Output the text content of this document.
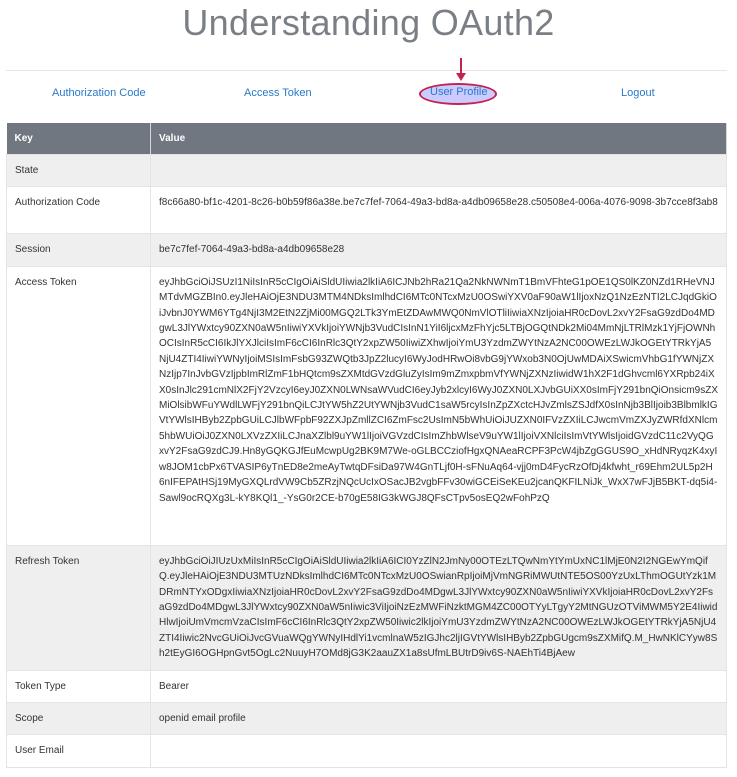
Understanding OAuth2
Authorization Code	Access Token	Logout
User Profile
Key	Value
State	
Authorization Code	f8c66a80-bf1c-4201-8c26-b0b59f86a38e.be7c7fef-7064-49a3-bd8a-a4db09658e28.c50508e4-006a-4076-9098-3b7cce8f3ab8
Session	be7c7fef-7064-49a3-bd8a-a4db09658e28
Access Token	eyJhbGciOiJSUzI1NiIsInR5cCIgOiAiSldUIiwia2lkIiA6ICJNb2hRa21Qa2NkNWNmT1BmVFhteG1pOE1QS0lKZ0NZd1RHeVNJMTdvMGZBIn0.eyJleHAiOjE3NDU3MTM4NDksImlhdCI6MTc0NTcxMzU0OSwiYXV0aF90aW1lIjoxNzQ1NzEzNTI2LCJqdGkiOiJvbnJ0YWM6YTg4NjI3M2EtN2ZjMi00MGQ2LTk3YmEtZDAwMWQ0NmVlOTliIiwiaXNzIjoiaHR0cDovL2xvY2FsaG9zdDo4MDgwL3JlYWxtcy90ZXN0aW5nIiwiYXVkIjoiYWNjb3VudCIsInN1YiI6ljcxMzFhYjc5LTBjOGQtNDk2Mi04MmNjLTRlMzk1YjFjOWNhOCIsInR5cCI6IkJlYXJlciIsImF6cCI6InRlc3QtY2xpZW50IiwiZXhwIjoiYmU3YzdmZWYtNzA2NC00OWEzLWJkOGEtYTRkYjA5NjU4ZTI4IiwiYWNyIjoiMSIsImFsbG93ZWQtb3JpZ2lucyI6WyJodHRwOi8vbG9jYWxob3N0OjUwMDAiXSwicmVhbG1fYWNjZXNzIjp7InJvbGVzIjpbImRlZmF1bHQtcm9sZXMtdGVzdGluZyIsIm9mZmxpbmVfYWNjZXNzIiwidW1hX2F1dGhvcml6YXRpb24iXX0sInJlc291cmNlX2FjY2VzcyI6eyJ0ZXN0LWNsaWVudCI6eyJyb2xlcyI6WyJ0ZXN0LXJvbGUiXX0sImFjY291bnQiOnsicm9sZXMiOlsibWFuYWdlLWFjY291bnQiLCJtYW5hZ2UtYWNjb3VudC1saW5rcyIsInZpZXctcHJvZmlsZSJdfX0sInNjb3BlIjoib3BlbmlkIGVtYWlsIHByb2ZpbGUiLCJlbWFpbF92ZXJpZmllZCI6ZmFsc2UsImN5bWhUiOiJUZXN0IFVzZXIiLCJwcmVmZXJyZWRfdXNlcm5hbWUiOiJ0ZXN0LXVzZXIiLCJnaXZlbl9uYW1lIjoiVGVzdCIsImZhbWlseV9uYW1lIjoiVXNlciIsImVtYWlsIjoidGVzdC11c2VyQGxvY2FsaG9zdCJ9.Hn8yGQKGJfEuMcwpUg2BK9M7We-oGLBCCziofHgxQNAeaRCPF3PcW4jbZgGGUS9O_xHdNRyqzK4xyIw8JOM1cbPx6TVASIP6yTnED8e2meAyTwtqDFsiDa97W4GnTLjf0H-sFNuAq64-vjj0mD4FycRzOfDj4kfwht_r69Ehm2UL5p2H6nIFEPAtHSj19MyGXQLrdVW9Cb5ZRzjNQcUcIxOSacJB2vgbFFv30wiGCEiSeKEu2jcanQKFILNiJk_WxX7wFJjB5BKT-dq5i4-Sawl9ocRQXg3L-kY8KQl1_-YsG0r2CE-b70gE58IG3kWGJ8QFsCTpv5osEQ2wFohPzQ
Refresh Token	eyJhbGciOiJIUzUxMiIsInR5cCIgOiAiSldUIiwia2lkIiA6ICI0YzZlN2JmNy00OTEzLTQwNmYtYmUxNC1lMjE0N2I2NGEwYmQifQ.eyJleHAiOjE3NDU3MTUzNDksImlhdCI6MTc0NTcxMzU0OSwianRpIjoiMjVmNGRiMWUtNTE5OS00YzUxLThmOGUtYzk1MDRmNTYxODgxIiwiaXNzIjoiaHR0cDovL2xvY2FsaG9zdDo4MDgwL3JlYWxtcy90ZXN0aW5nIiwiYXVkIjoiaHR0cDovL2xvY2FsaG9zdDo4MDgwL3JlYWxtcy90ZXN0aW5nIiwic3ViIjoiNzEzMWFiNzktMGM4ZC00OTYyLTgyY2MtNGUzOTViMWM5Y2E4IiwidHlwIjoiUmVmcmVzaCIsImF6cCI6InRlc3QtY2xpZW50Iiwic2lkIjoiYmU3YzdmZWYtNzA2NC00OWEzLWJkOGEtYTRkYjA5NjU4ZTI4Iiwic2NvcGUiOiJvcGVuaWQgYWNyIHdlYi1vcmlnaW5zIGJhc2ljIGVtYWlsIHByb2ZpbGUgcm9sZXMifQ.M_HwNKlCYyw8Sh2tEyGI6OGHpnGvt5OgLc2NuuyH7OMd8jG3K2aauZX1a8sUfmLBUtrD9iv6S-NAEhTi4BjAew
Token Type	Bearer
Scope	openid email profile
User Email	
